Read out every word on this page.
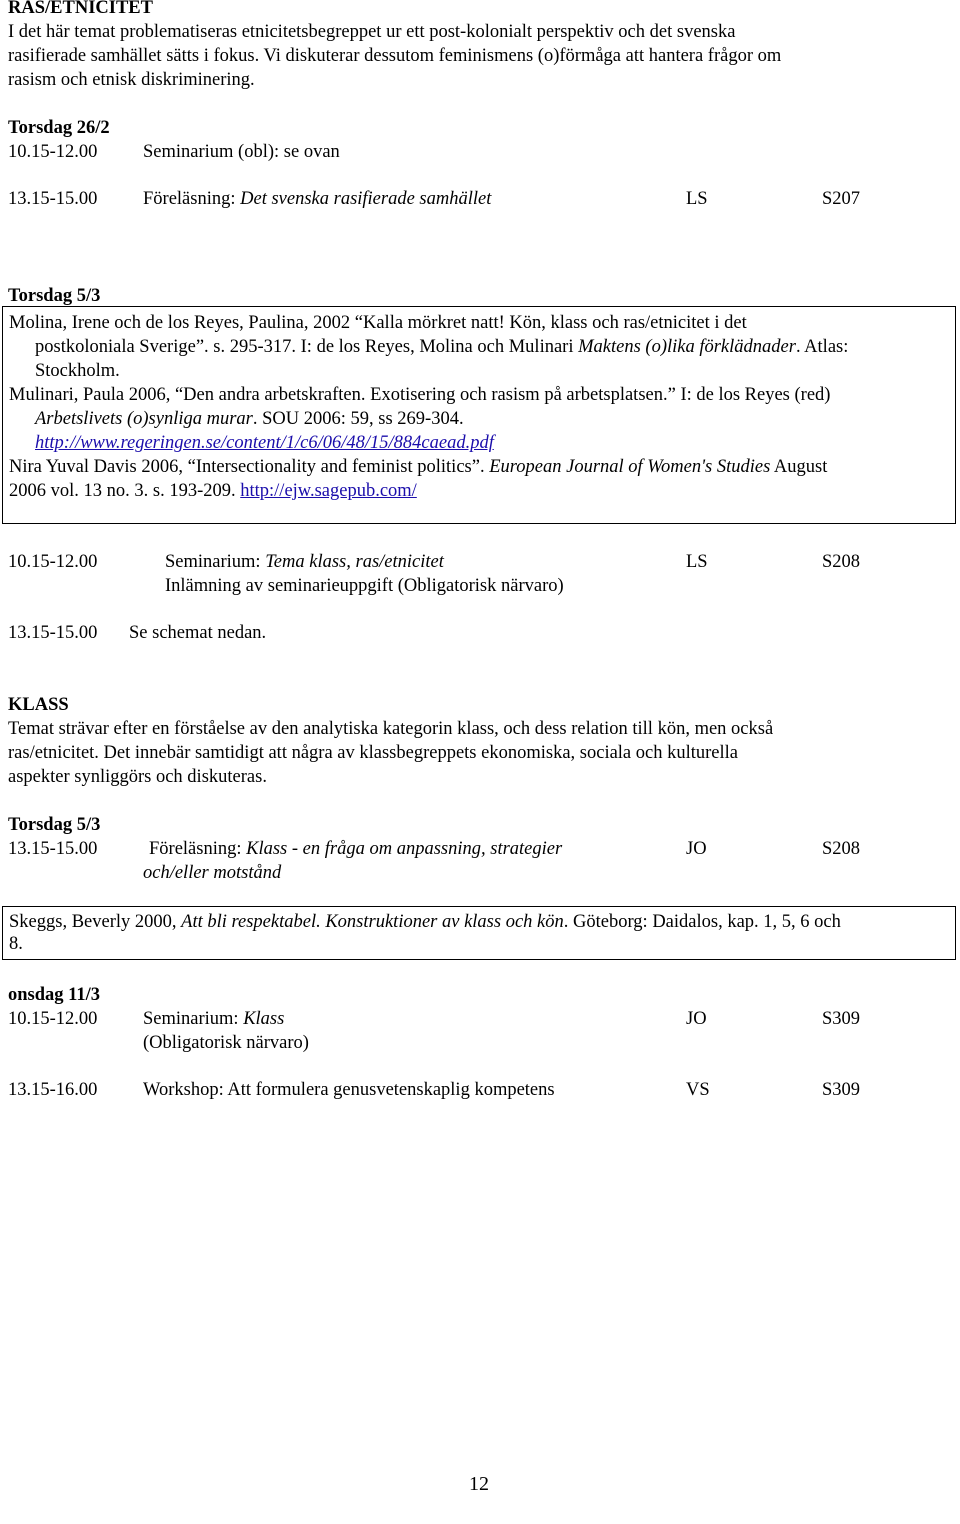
RAS/ETNICITET
I det här temat problematiseras etnicitetsbegreppet ur ett post-kolonialt perspektiv och det svenska
rasifierade samhället sätts i fokus. Vi diskuterar dessutom feminismens (o)förmåga att hantera frågor om
rasism och etnisk diskriminering.
Torsdag 26/2
10.15-12.00 Seminarium (obl): se ovan
13.15-15.00 Föreläsning: Det svenska rasifierade samhället	LS	S207
Torsdag 5/3
Molina, Irene och de los Reyes, Paulina, 2002 “Kalla mörkret natt! Kön, klass och ras/etnicitet i det
postkoloniala Sverige”. s. 295-317. I: de los Reyes, Molina och Mulinari Maktens (o)lika förklädnader. Atlas:
Stockholm.
Mulinari, Paula 2006, “Den andra arbetskraften. Exotisering och rasism på arbetsplatsen.” I: de los Reyes (red)
Arbetslivets (o)synliga murar. SOU 2006: 59, ss 269-304.
http://www.regeringen.se/content/1/c6/06/48/15/884caead.pdf
Nira Yuval Davis 2006, “Intersectionality and feminist politics”. European Journal of Women's Studies August
2006 vol. 13 no. 3. s. 193-209. http://ejw.sagepub.com/
10.15-12.00	Seminarium: Tema klass, ras/etnicitet	LS	S208
Inlämning av seminarieuppgift (Obligatorisk närvaro)
13.15-15.00 Se schemat nedan.
KLASS
Temat strävar efter en förståelse av den analytiska kategorin klass, och dess relation till kön, men också
ras/etnicitet. Det innebär samtidigt att några av klassbegreppets ekonomiska, sociala och kulturella
aspekter synliggörs och diskuteras.
Torsdag 5/3
13.15-15.00	Föreläsning: Klass - en fråga om anpassning, strategier
och/eller motstånd
JO	S208
Skeggs, Beverly 2000, Att bli respektabel. Konstruktioner av klass och kön. Göteborg: Daidalos, kap. 1, 5, 6 och
8.
onsdag 11/3
10.15-12.00 Seminarium: Klass	JO	S309
(Obligatorisk närvaro)
13.15-16.00 Workshop: Att formulera genusvetenskaplig kompetens	VS	S309
12
